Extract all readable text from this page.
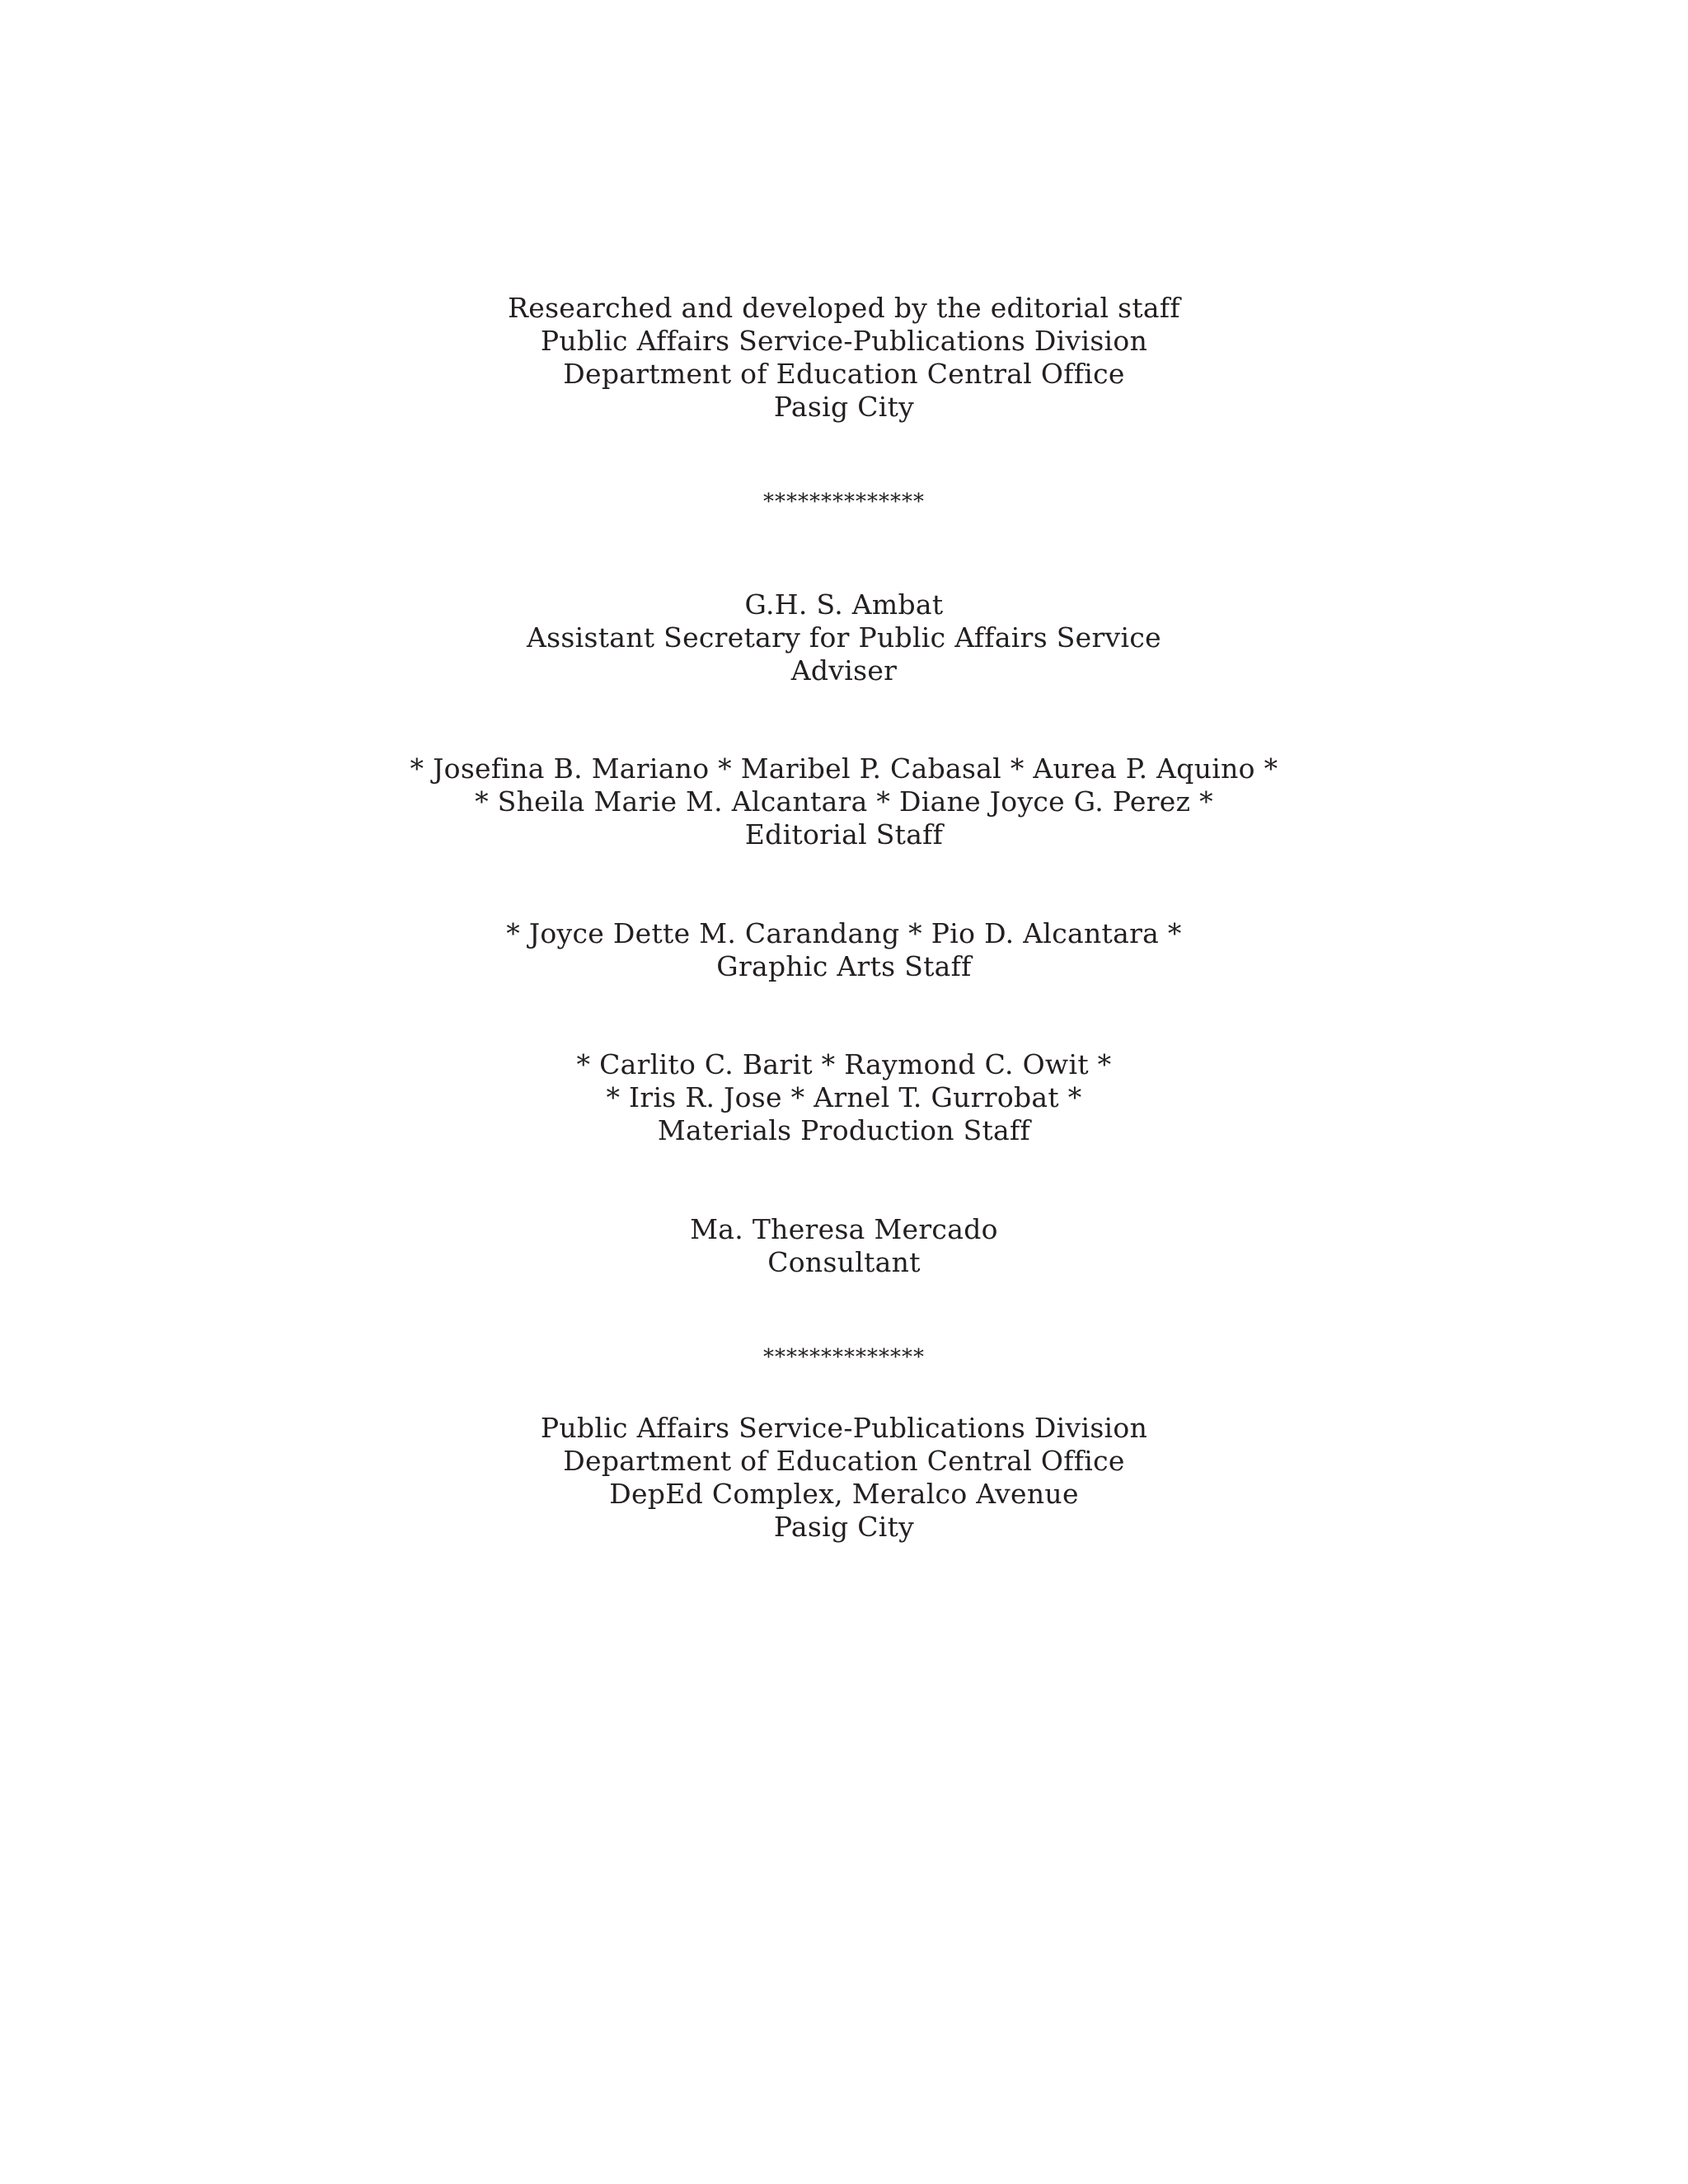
Researched and developed by the editorial staff
Public Affairs Service-Publications Division
Department of Education Central Office
Pasig City
**************
G.H. S. Ambat
Assistant Secretary for Public Affairs Service
Adviser
* Josefina B. Mariano * Maribel P. Cabasal * Aurea P. Aquino *
* Sheila Marie M. Alcantara * Diane Joyce G. Perez *
Editorial Staff
* Joyce Dette M. Carandang * Pio D. Alcantara *
Graphic Arts Staff
* Carlito C. Barit * Raymond C. Owit *
* Iris R. Jose * Arnel T. Gurrobat *
Materials Production Staff
Ma. Theresa Mercado
Consultant
**************
Public Affairs Service-Publications Division
Department of Education Central Office
DepEd Complex, Meralco Avenue
Pasig City
